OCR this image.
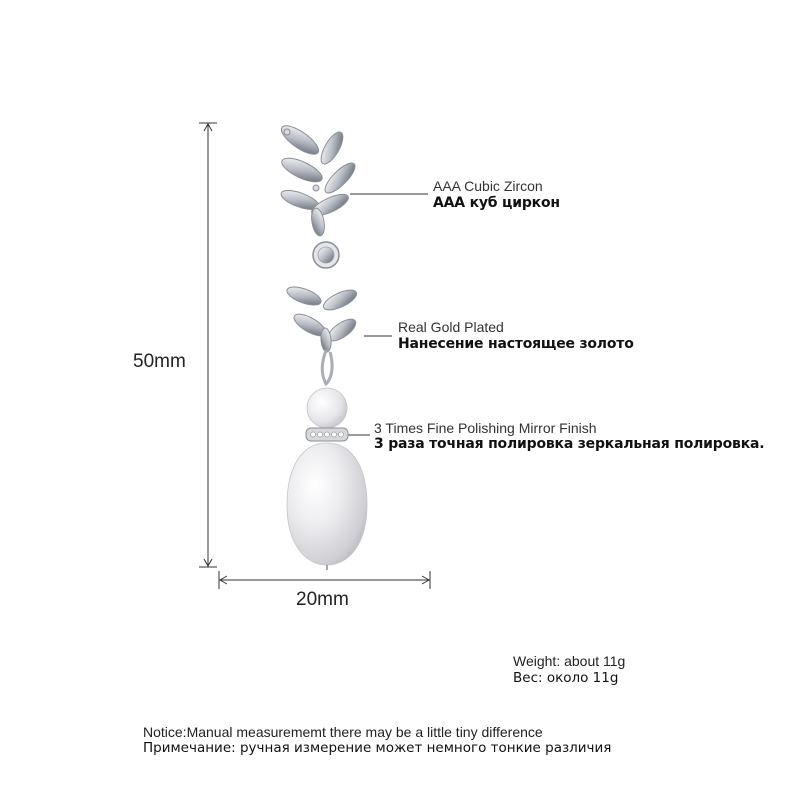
50mm
20mm
AAA Cubic Zircon
AAA куб циркон
Real Gold Plated
Нанесение настоящее золото
3 Times Fine Polishing Mirror Finish
3 раза точная полировка зеркальная полировка.
Weight: about 11g
Вес: около 11g
Notice:Manual measurememt there may be a little tiny difference
Примечание: ручная измерение может немного тонкие различия
